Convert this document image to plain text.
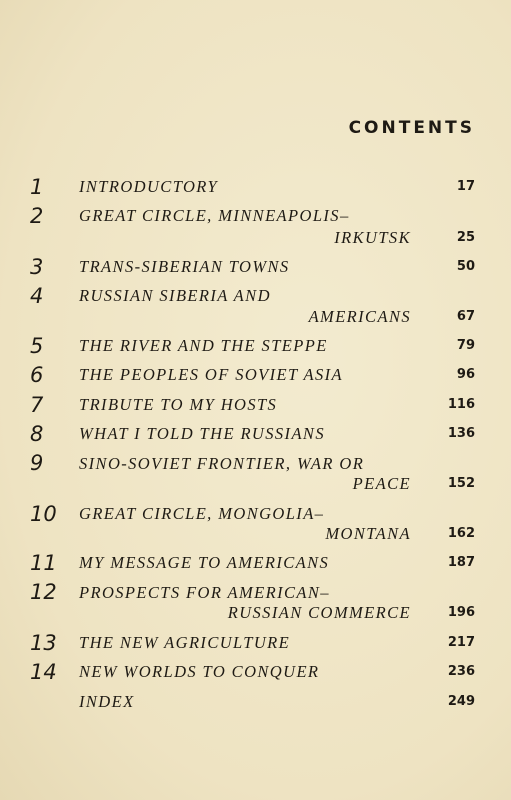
CONTENTS
1	INTRODUCTORY	17
2	GREAT CIRCLE, MINNEAPOLIS–
IRKUTSK	25
3	TRANS-SIBERIAN TOWNS	50
4	RUSSIAN SIBERIA AND
AMERICANS	67
5	THE RIVER AND THE STEPPE	79
6	THE PEOPLES OF SOVIET ASIA	96
7	TRIBUTE TO MY HOSTS	116
8	WHAT I TOLD THE RUSSIANS	136
9	SINO-SOVIET FRONTIER, WAR OR
PEACE	152
10 GREAT CIRCLE, MONGOLIA–
MONTANA	162
11 MY MESSAGE TO AMERICANS	187
12 PROSPECTS FOR AMERICAN–
RUSSIAN COMMERCE	196
13 THE NEW AGRICULTURE	217
14 NEW WORLDS TO CONQUER	236
INDEX	249
